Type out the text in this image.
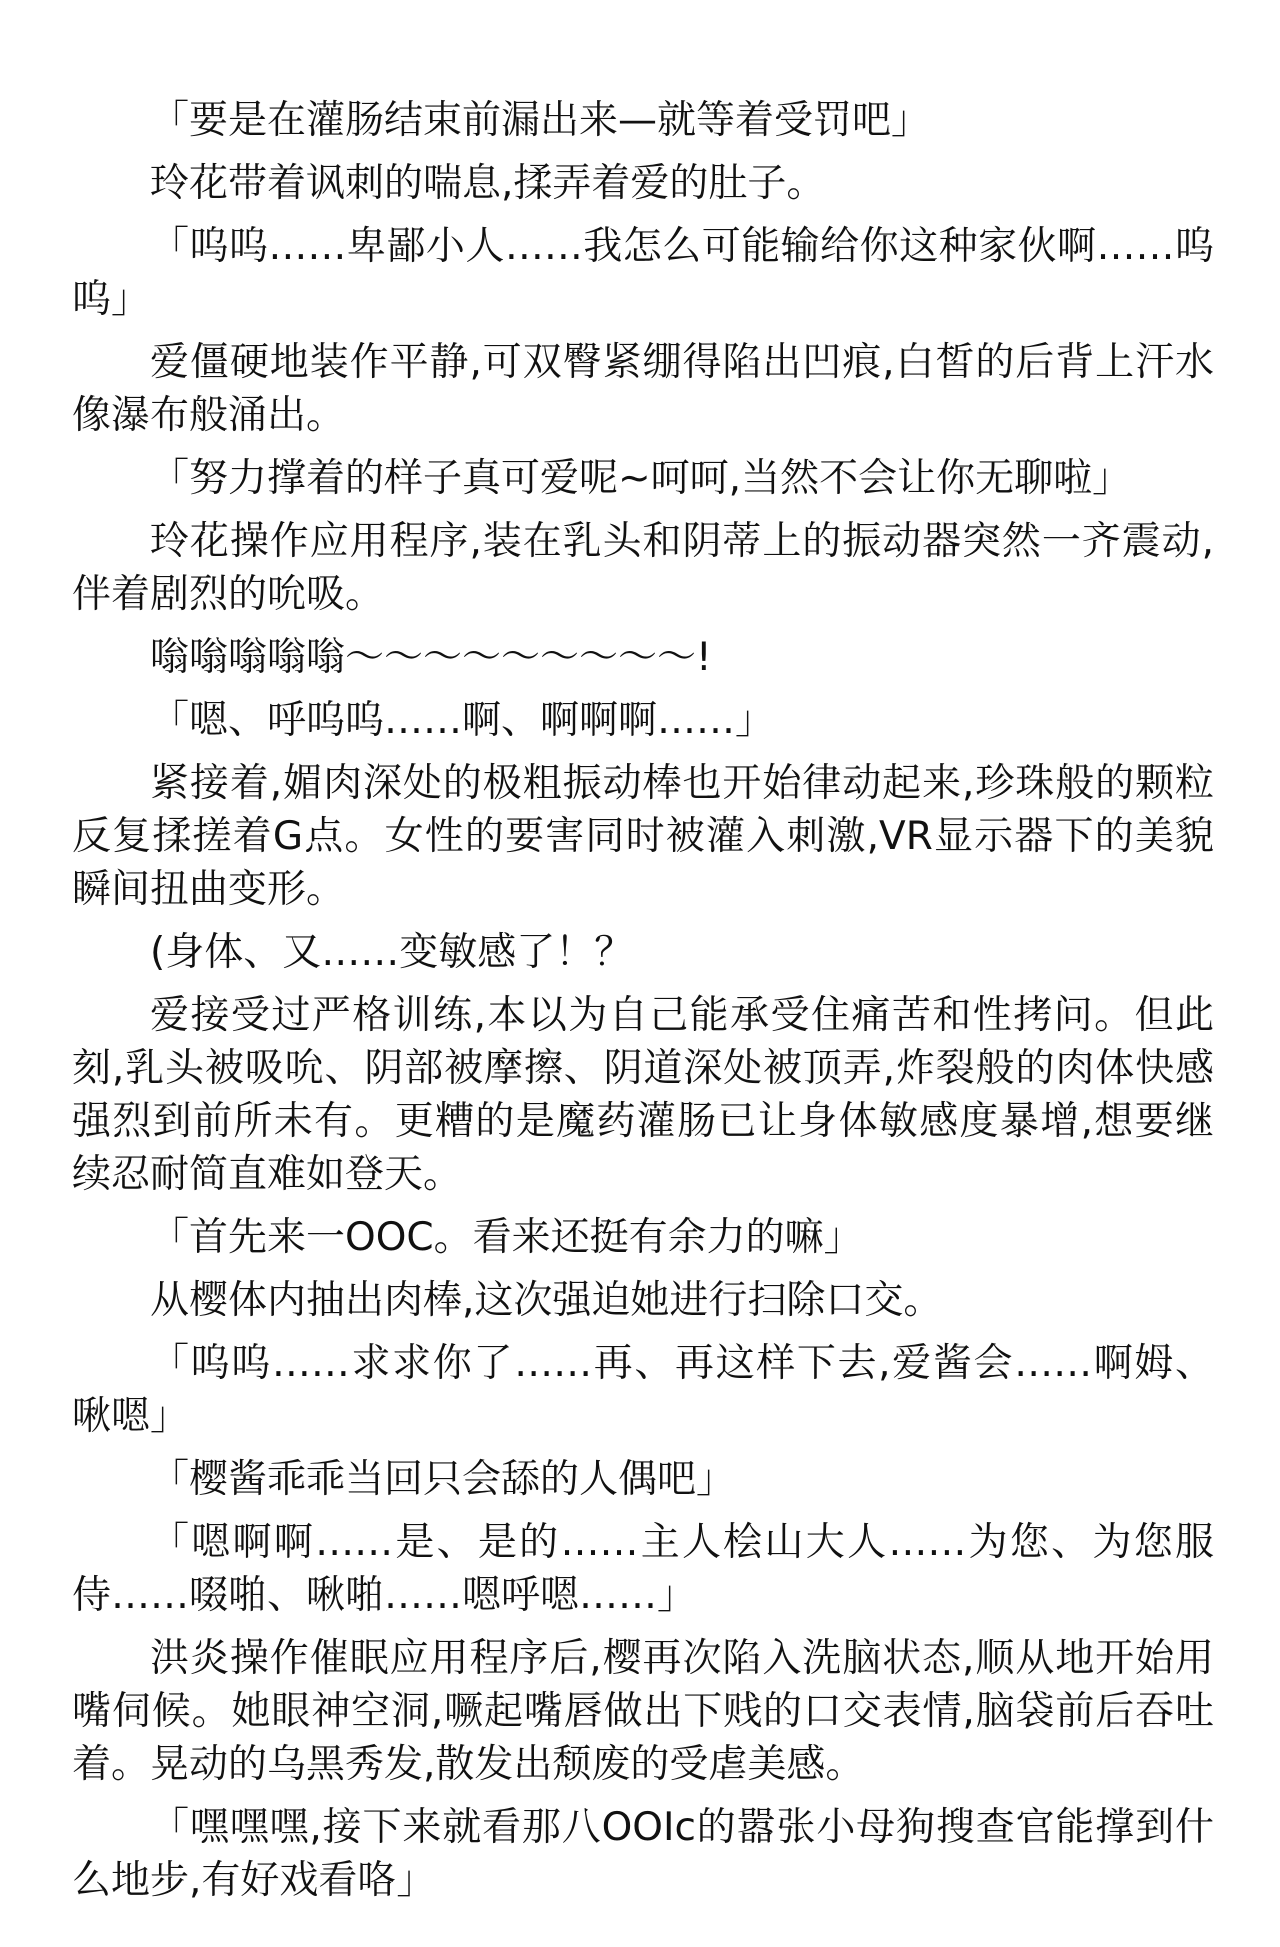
「要是在灌肠结束前漏出来—就等着受罚吧」

玲花带着讽刺的喘息,揉弄着爱的肚子。

「呜呜……卑鄙小人……我怎么可能输给你这种家伙啊……呜呜」

爱僵硬地装作平静,可双臀紧绷得陷出凹痕,白皙的后背上汗水像瀑布般涌出。

「努力撑着的样子真可爱呢~呵呵,当然不会让你无聊啦」

玲花操作应用程序,装在乳头和阴蒂上的振动器突然一齐震动,伴着剧烈的吮吸。

嗡嗡嗡嗡嗡～～～～～～～～～!

「嗯、呼呜呜……啊、啊啊啊……」

紧接着,媚肉深处的极粗振动棒也开始律动起来,珍珠般的颗粒反复揉搓着G点。女性的要害同时被灌入刺激,VR显示器下的美貌瞬间扭曲变形。

(身体、又……变敏感了！？

爱接受过严格训练,本以为自己能承受住痛苦和性拷问。但此刻,乳头被吸吮、阴部被摩擦、阴道深处被顶弄,炸裂般的肉体快感强烈到前所未有。更糟的是魔药灌肠已让身体敏感度暴增,想要继续忍耐简直难如登天。

「首先来一OOC。看来还挺有余力的嘛」

从樱体内抽出肉棒,这次强迫她进行扫除口交。

「呜呜……求求你了……再、再这样下去,爱酱会……啊姆、啾嗯」

「樱酱乖乖当回只会舔的人偶吧」

「嗯啊啊……是、是的……主人桧山大人……为您、为您服侍……啜啪、啾啪……嗯呼嗯……」

洪炎操作催眠应用程序后,樱再次陷入洗脑状态,顺从地开始用嘴伺候。她眼神空洞,噘起嘴唇做出下贱的口交表情,脑袋前后吞吐着。晃动的乌黑秀发,散发出颓废的受虐美感。

「嘿嘿嘿,接下来就看那八OOIc的嚣张小母狗搜查官能撑到什么地步,有好戏看咯」
